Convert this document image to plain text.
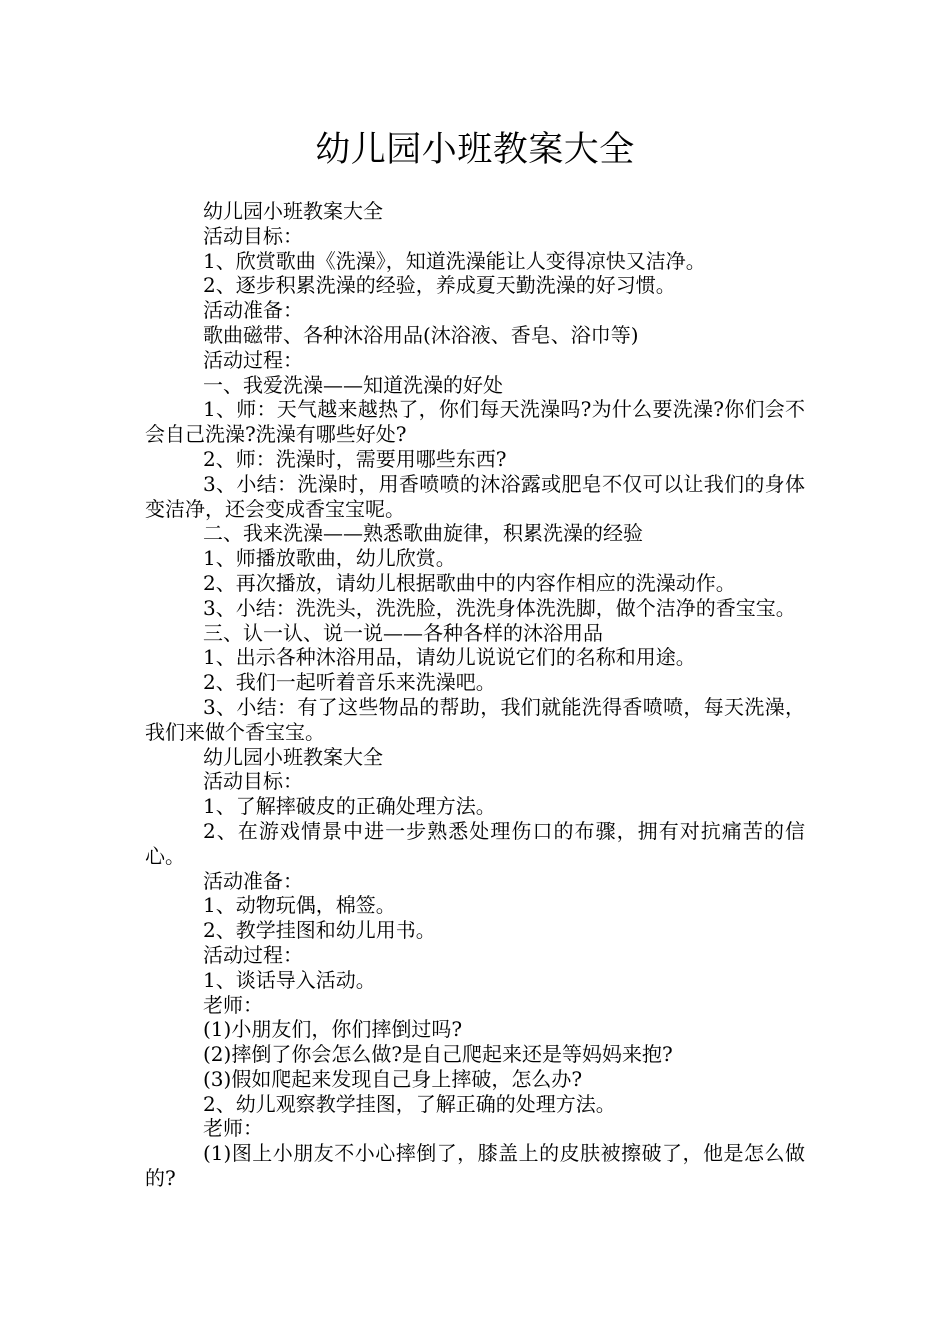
幼儿园小班教案大全

幼儿园小班教案大全

活动目标：

1、欣赏歌曲《洗澡》，知道洗澡能让人变得凉快又洁净。

2、逐步积累洗澡的经验，养成夏天勤洗澡的好习惯。

活动准备：

歌曲磁带、各种沐浴用品(沐浴液、香皂、浴巾等)

活动过程：

一、我爱洗澡——知道洗澡的好处

1、师：天气越来越热了，你们每天洗澡吗?为什么要洗澡?你们会不会自己洗澡?洗澡有哪些好处?

2、师：洗澡时，需要用哪些东西?

3、小结：洗澡时，用香喷喷的沐浴露或肥皂不仅可以让我们的身体变洁净，还会变成香宝宝呢。

二、我来洗澡——熟悉歌曲旋律，积累洗澡的经验

1、师播放歌曲，幼儿欣赏。

2、再次播放，请幼儿根据歌曲中的内容作相应的洗澡动作。

3、小结：洗洗头，洗洗脸，洗洗身体洗洗脚，做个洁净的香宝宝。

三、认一认、说一说——各种各样的沐浴用品

1、出示各种沐浴用品，请幼儿说说它们的名称和用途。

2、我们一起听着音乐来洗澡吧。

3、小结：有了这些物品的帮助，我们就能洗得香喷喷，每天洗澡，我们来做个香宝宝。

幼儿园小班教案大全

活动目标：

1、了解摔破皮的正确处理方法。

2、在游戏情景中进一步熟悉处理伤口的布骤，拥有对抗痛苦的信心。

活动准备：

1、动物玩偶，棉签。

2、教学挂图和幼儿用书。

活动过程：

1、谈话导入活动。

老师：

(1)小朋友们，你们摔倒过吗?

(2)摔倒了你会怎么做?是自己爬起来还是等妈妈来抱?

(3)假如爬起来发现自己身上摔破，怎么办?

2、幼儿观察教学挂图，了解正确的处理方法。

老师：

(1)图上小朋友不小心摔倒了，膝盖上的皮肤被擦破了，他是怎么做的?
